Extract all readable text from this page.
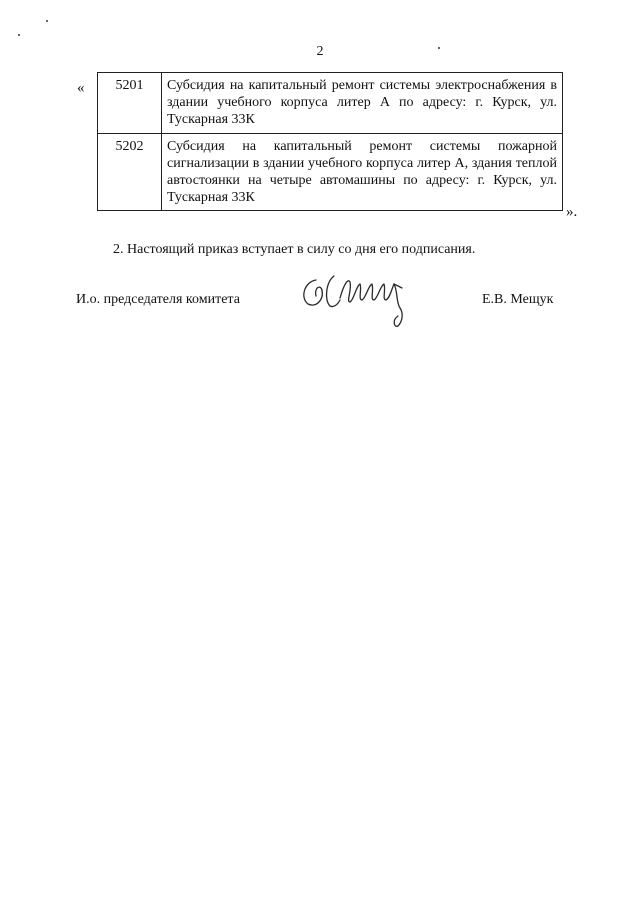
2
« 5201	Субсидия на капитальный ремонт системы электроснабжения в здании учебного корпуса литер А по адресу: г. Курск, ул. Тускарная 33К
5202	Субсидия на капитальный ремонт системы пожарной сигнализации в здании учебного корпуса литер А, здания теплой автостоянки на четыре автомашины по адресу: г. Курск, ул. Тускарная 33К
».
2. Настоящий приказ вступает в силу со дня его подписания.
И.о. председателя комитета	Е.В. Мещук
